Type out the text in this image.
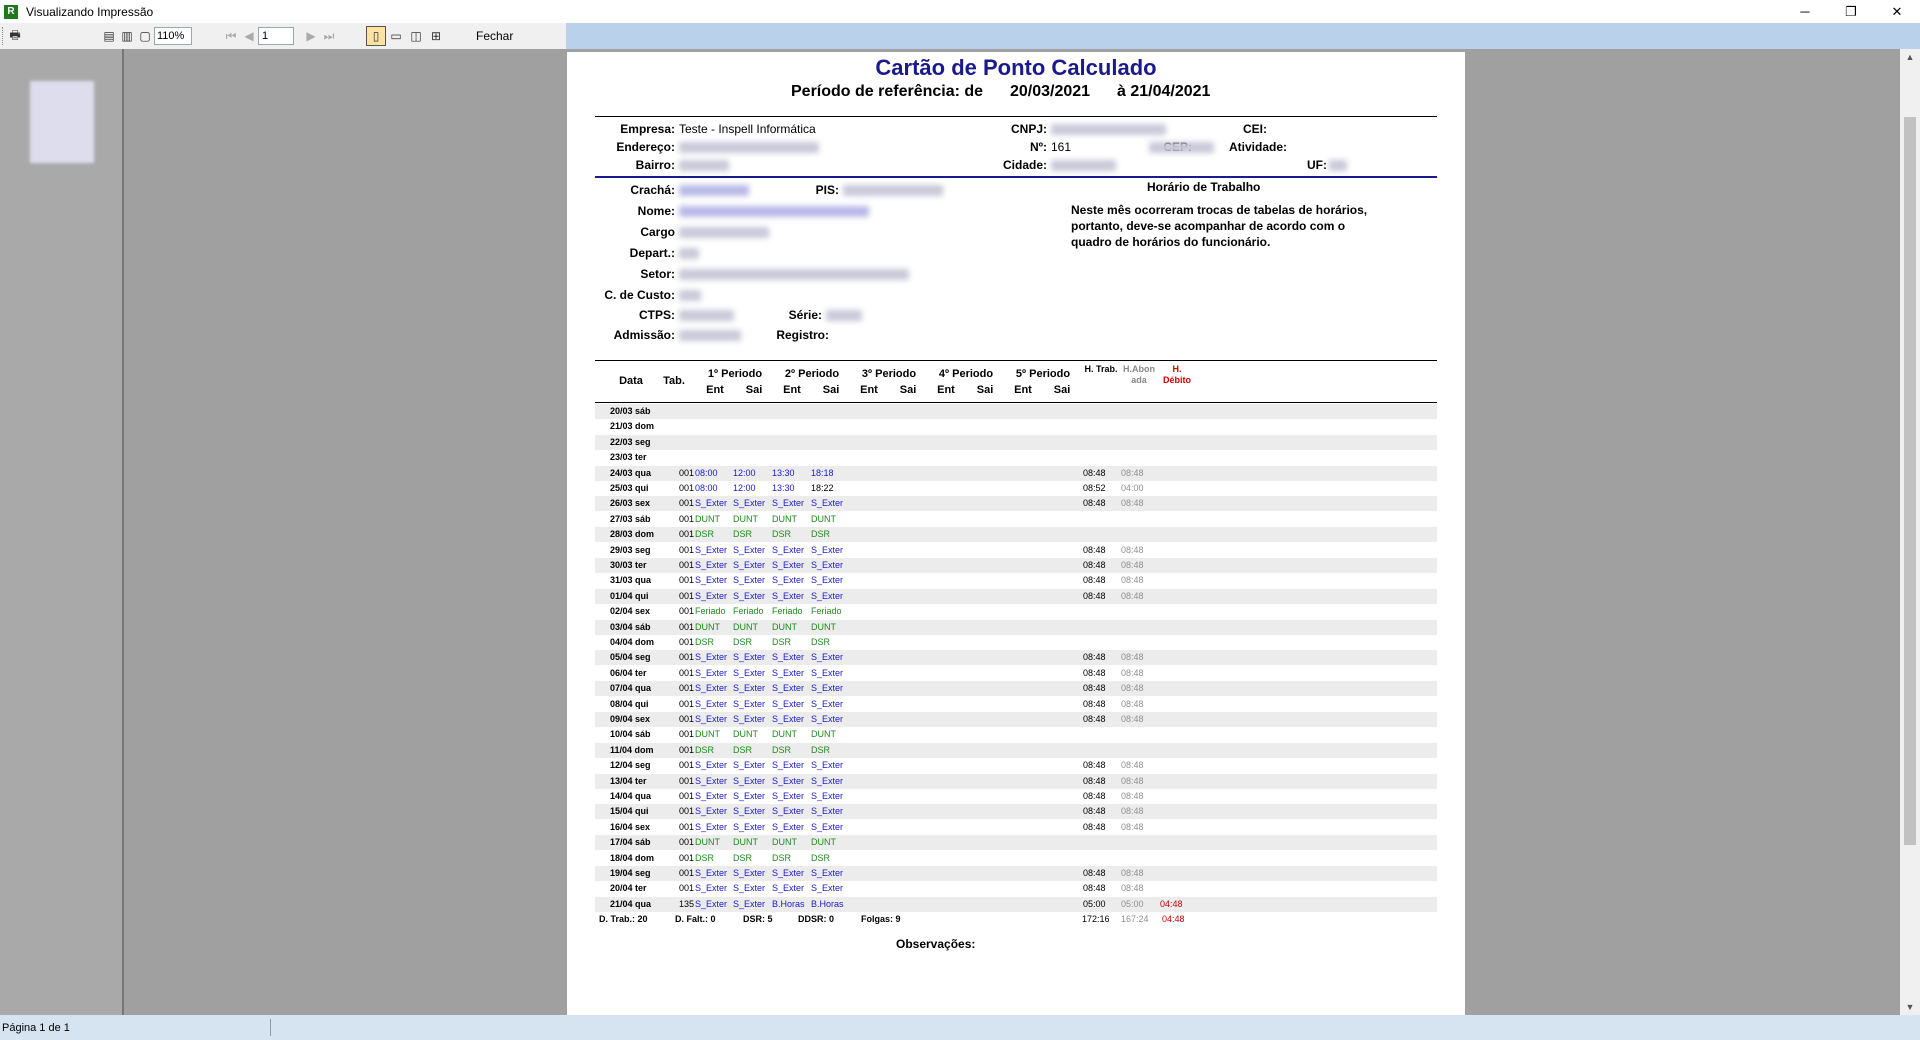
R Visualizando Impressão	─	❐	✕
🖶	▤ ▥ ▢ 110%	⏮ ◀
1	▶ ⏭	▯ ▭ ◫ ⊞	Fechar
▲
▼
Cartão de Ponto Calculado
Período de referência: de 20/03/2021 à 21/04/2021
Empresa: Teste - Inspell Informática
Endereço:
Bairro:
CNPJ:
Nº: 161
Cidade:
CEI:
Atividade:
UF:
Crachá:	PIS:
Nome:
Cargo
Depart.:
Setor:
C. de Custo:
CTPS:	Série:
Admissão:	Registro:
Horário de Trabalho
Neste mês ocorreram trocas de tabelas de horários, portanto, deve-se acompanhar de acordo com o quadro de horários do funcionário.
Data	Tab.
1º Periodo	2º Periodo	3º Periodo	4º Periodo	5º Periodo
Ent	Sai	Ent	Sai	Ent	Sai	Ent	Sai	Ent	Sai
H. Trab. H.Abon
ada
H.
Débito
20/03 sáb
21/03 dom
22/03 seg
23/03 ter
24/03 qua	001 08:00 12:00 13:30 18:18	08:48 08:48
25/03 qui	001 08:00 12:00 13:30 18:22	08:52 04:00
26/03 sex	001 S_Exter S_Exter S_Exter S_Exter	08:48 08:48
27/03 sáb	001 DUNT DUNT DUNT DUNT
28/03 dom	001 DSR DSR DSR DSR
29/03 seg	001 S_Exter S_Exter S_Exter S_Exter	08:48 08:48
30/03 ter	001 S_Exter S_Exter S_Exter S_Exter	08:48 08:48
31/03 qua	001 S_Exter S_Exter S_Exter S_Exter	08:48 08:48
01/04 qui	001 S_Exter S_Exter S_Exter S_Exter	08:48 08:48
02/04 sex	001 Feriado Feriado Feriado Feriado
03/04 sáb	001 DUNT DUNT DUNT DUNT
04/04 dom	001 DSR DSR DSR DSR
05/04 seg	001 S_Exter S_Exter S_Exter S_Exter	08:48 08:48
06/04 ter	001 S_Exter S_Exter S_Exter S_Exter	08:48 08:48
07/04 qua	001 S_Exter S_Exter S_Exter S_Exter	08:48 08:48
08/04 qui	001 S_Exter S_Exter S_Exter S_Exter	08:48 08:48
09/04 sex	001 S_Exter S_Exter S_Exter S_Exter	08:48 08:48
10/04 sáb	001 DUNT DUNT DUNT DUNT
11/04 dom	001 DSR DSR DSR DSR
12/04 seg	001 S_Exter S_Exter S_Exter S_Exter	08:48 08:48
13/04 ter	001 S_Exter S_Exter S_Exter S_Exter	08:48 08:48
14/04 qua	001 S_Exter S_Exter S_Exter S_Exter	08:48 08:48
15/04 qui	001 S_Exter S_Exter S_Exter S_Exter	08:48 08:48
16/04 sex	001 S_Exter S_Exter S_Exter S_Exter	08:48 08:48
17/04 sáb	001 DUNT DUNT DUNT DUNT
18/04 dom	001 DSR DSR DSR DSR
19/04 seg	001 S_Exter S_Exter S_Exter S_Exter	08:48 08:48
20/04 ter	001 S_Exter S_Exter S_Exter S_Exter	08:48 08:48
21/04 qua	135 S_Exter S_Exter B.Horas B.Horas	05:00 05:00 04:48
D. Trab.: 20	D. Falt.: 0	DSR: 5	DDSR: 0	Folgas: 9	172:16 167:24 04:48
Observações:
Página 1 de 1
